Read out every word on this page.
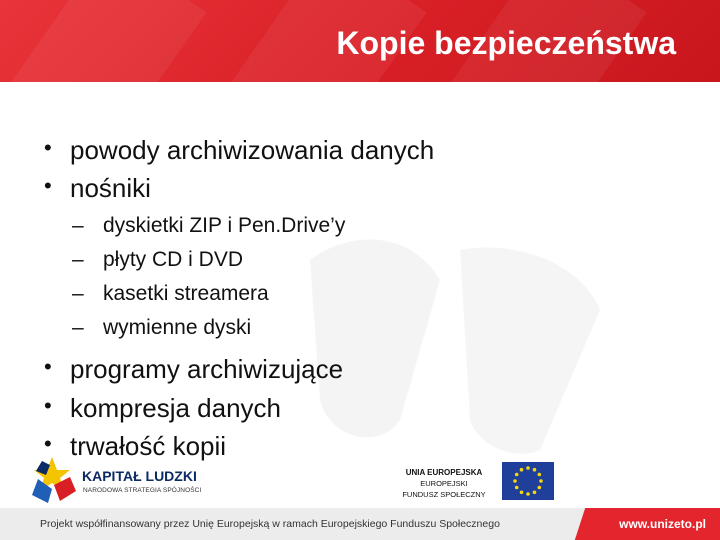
Kopie bezpieczeństwa
• powody archiwizowania danych
• nośniki
– dyskietki ZIP i Pen.Drive’y
– płyty CD i DVD
– kasetki streamera
– wymienne dyski
• programy archiwizujące
• kompresja danych
• trwałość kopii
KAPITAŁ LUDZKI
NARODOWA STRATEGIA SPÓJNOŚCI
UNIA EUROPEJSKA
EUROPEJSKI
FUNDUSZ SPOŁECZNY
Projekt współfinansowany przez Unię Europejską w ramach Europejskiego Funduszu Społecznego	www.unizeto.pl
